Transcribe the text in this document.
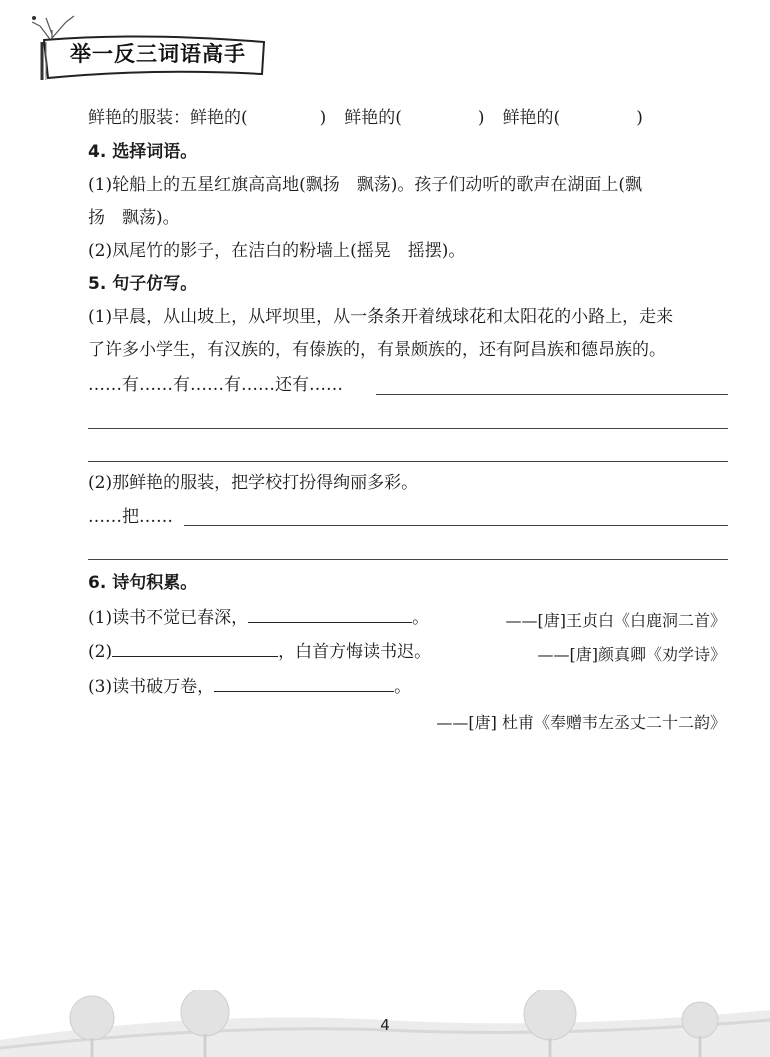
举一反三词语高手
鲜艳的服装：鲜艳的(	) 鲜艳的(	) 鲜艳的(	)
4. 选择词语。
(1)轮船上的五星红旗高高地(飘扬　飘荡)。孩子们动听的歌声在湖面上(飘
扬　飘荡)。
(2)凤尾竹的影子，在洁白的粉墙上(摇晃　摇摆)。
5. 句子仿写。
(1)早晨，从山坡上，从坪坝里，从一条条开着绒球花和太阳花的小路上，走来
了许多小学生，有汉族的，有傣族的，有景颇族的，还有阿昌族和德昂族的。
……有……有……有……还有……
(2)那鲜艳的服装，把学校打扮得绚丽多彩。
……把……
6. 诗句积累。
(1)读书不觉已春深，	。	——[唐]王贞白《白鹿洞二首》
(2)	，白首方悔读书迟。	——[唐]颜真卿《劝学诗》
(3)读书破万卷，	。
——[唐] 杜甫《奉赠韦左丞丈二十二韵》
4
